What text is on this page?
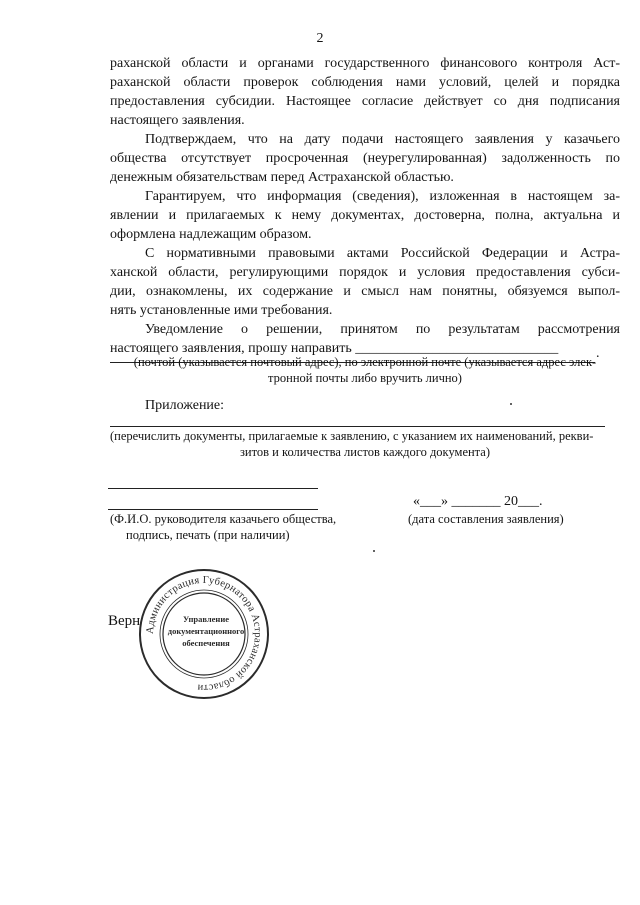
2
раханской области и органами государственного финансового контроля Аст-
раханской области проверок соблюдения нами условий, целей и порядка
предоставления субсидии. Настоящее согласие действует со дня подписания
настоящего заявления.
Подтверждаем, что на дату подачи настоящего заявления у казачьего
общества отсутствует просроченная (неурегулированная) задолженность по
денежным обязательствам перед Астраханской областью.
Гарантируем, что информация (сведения), изложенная в настоящем за-
явлении и прилагаемых к нему документах, достоверна, полна, актуальна и
оформлена надлежащим образом.
С нормативными правовыми актами Российской Федерации и Астра-
ханской области, регулирующими порядок и условия предоставления субси-
дии, ознакомлены, их содержание и смысл нам понятны, обязуемся выпол-
нять установленные ими требования.
Уведомление о решении, принятом по результатам рассмотрения
настоящего заявления, прошу направить _____________________________	.
(почтой (указывается почтовый адрес), по электронной почте (указывается адрес элек-
тронной почты либо вручить лично)
Приложение:
(перечислить документы, прилагаемые к заявлению, с указанием их наименований, рекви-
зитов и количества листов каждого документа)
«___» _______ 20___.
(Ф.И.О. руководителя казачьего общества,
подпись, печать (при наличии)
(дата составления заявления)
Верн
Администрация Губернатора Астраханской области
Управление
документационного
обеспечения
